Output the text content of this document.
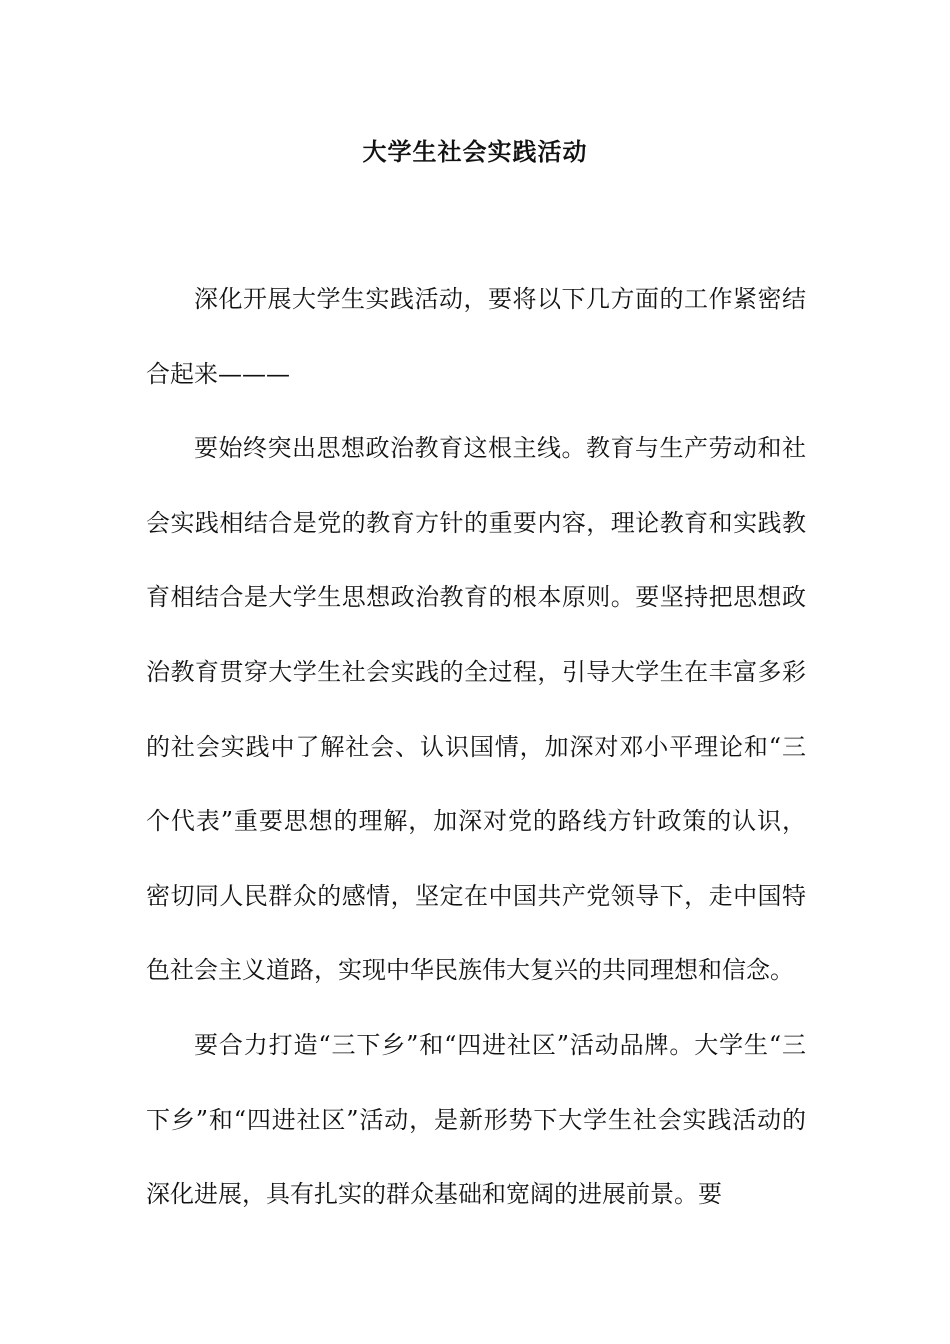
大学生社会实践活动

深化开展大学生实践活动，要将以下几方面的工作紧密结合起来———

要始终突出思想政治教育这根主线。教育与生产劳动和社会实践相结合是党的教育方针的重要内容，理论教育和实践教育相结合是大学生思想政治教育的根本原则。要坚持把思想政治教育贯穿大学生社会实践的全过程，引导大学生在丰富多彩的社会实践中了解社会、认识国情，加深对邓小平理论和“三个代表”重要思想的理解，加深对党的路线方针政策的认识，密切同人民群众的感情，坚定在中国共产党领导下，走中国特色社会主义道路，实现中华民族伟大复兴的共同理想和信念。

要合力打造“三下乡”和“四进社区”活动品牌。大学生“三下乡”和“四进社区”活动，是新形势下大学生社会实践活动的深化进展，具有扎实的群众基础和宽阔的进展前景。要
